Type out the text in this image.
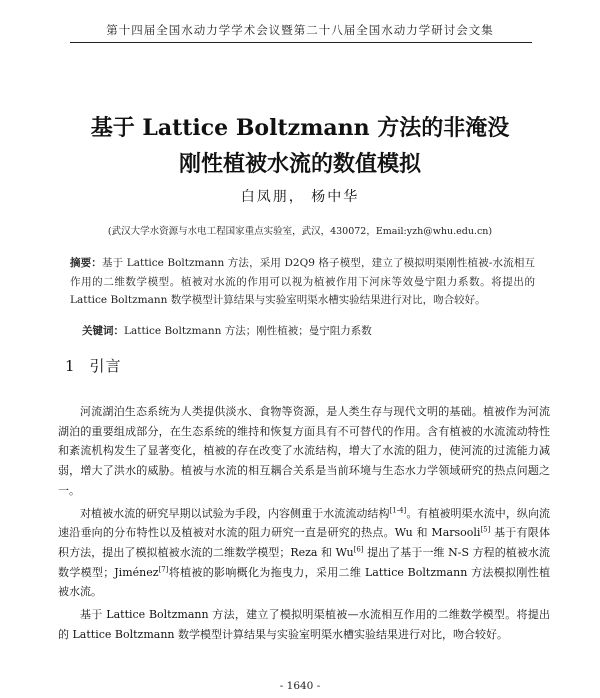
第十四届全国水动力学学术会议暨第二十八届全国水动力学研讨会文集
基于 Lattice Boltzmann 方法的非淹没
刚性植被水流的数值模拟
白凤朋， 杨中华
(武汉大学水资源与水电工程国家重点实验室，武汉，430072，Email:yzh@whu.edu.cn)
摘要：基于 Lattice Boltzmann 方法，采用 D2Q9 格子模型，建立了模拟明渠刚性植被-水流相互作用的二维数学模型。植被对水流的作用可以视为植被作用下河床等效曼宁阻力系数。将提出的 Lattice Boltzmann 数学模型计算结果与实验室明渠水槽实验结果进行对比，吻合较好。
关键词：Lattice Boltzmann 方法；刚性植被；曼宁阻力系数
1 引言

河流湖泊生态系统为人类提供淡水、食物等资源，是人类生存与现代文明的基础。植被作为河流湖泊的重要组成部分，在生态系统的维持和恢复方面具有不可替代的作用。含有植被的水流流动特性和紊流机构发生了显著变化，植被的存在改变了水流结构，增大了水流的阻力，使河流的过流能力减弱，增大了洪水的威胁。植被与水流的相互耦合关系是当前环境与生态水力学领域研究的热点问题之一。

对植被水流的研究早期以试验为手段，内容侧重于水流流动结构[1-4]。有植被明渠水流中，纵向流速沿垂向的分布特性以及植被对水流的阻力研究一直是研究的热点。Wu 和 Marsooli[5] 基于有限体积方法，提出了模拟植被水流的二维数学模型；Reza 和 Wu[6] 提出了基于一维 N-S 方程的植被水流数学模型；Jiménez[7]将植被的影响概化为拖曳力，采用二维 Lattice Boltzmann 方法模拟刚性植被水流。

基于 Lattice Boltzmann 方法，建立了模拟明渠植被—水流相互作用的二维数学模型。将提出的 Lattice Boltzmann 数学模型计算结果与实验室明渠水槽实验结果进行对比，吻合较好。

- 1640 -
